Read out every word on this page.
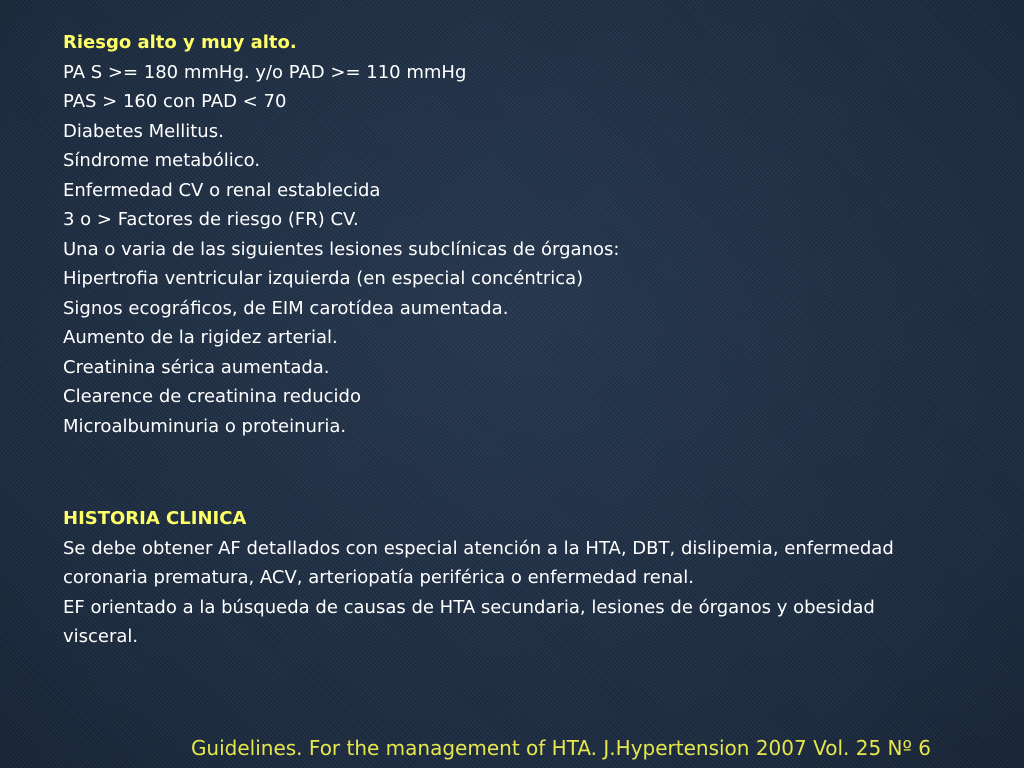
Riesgo alto y muy alto.
PA S >= 180 mmHg. y/o PAD >= 110 mmHg
PAS > 160 con PAD < 70
Diabetes Mellitus.
Síndrome metabólico.
Enfermedad CV o renal establecida
3 o > Factores de riesgo (FR) CV.
Una o varia de las siguientes lesiones subclínicas de órganos:
Hipertrofia ventricular izquierda (en especial concéntrica)
Signos ecográficos, de EIM carotídea aumentada.
Aumento de la rigidez arterial.
Creatinina sérica aumentada.
Clearence de creatinina reducido
Microalbuminuria o proteinuria.
HISTORIA CLINICA
Se debe obtener AF detallados con especial atención a la HTA, DBT, dislipemia, enfermedad coronaria prematura, ACV, arteriopatía periférica o enfermedad renal.
EF orientado a la búsqueda de causas de HTA secundaria, lesiones de órganos y obesidad visceral.
Guidelines. For the management of HTA. J.Hypertension 2007 Vol. 25 Nº 6
